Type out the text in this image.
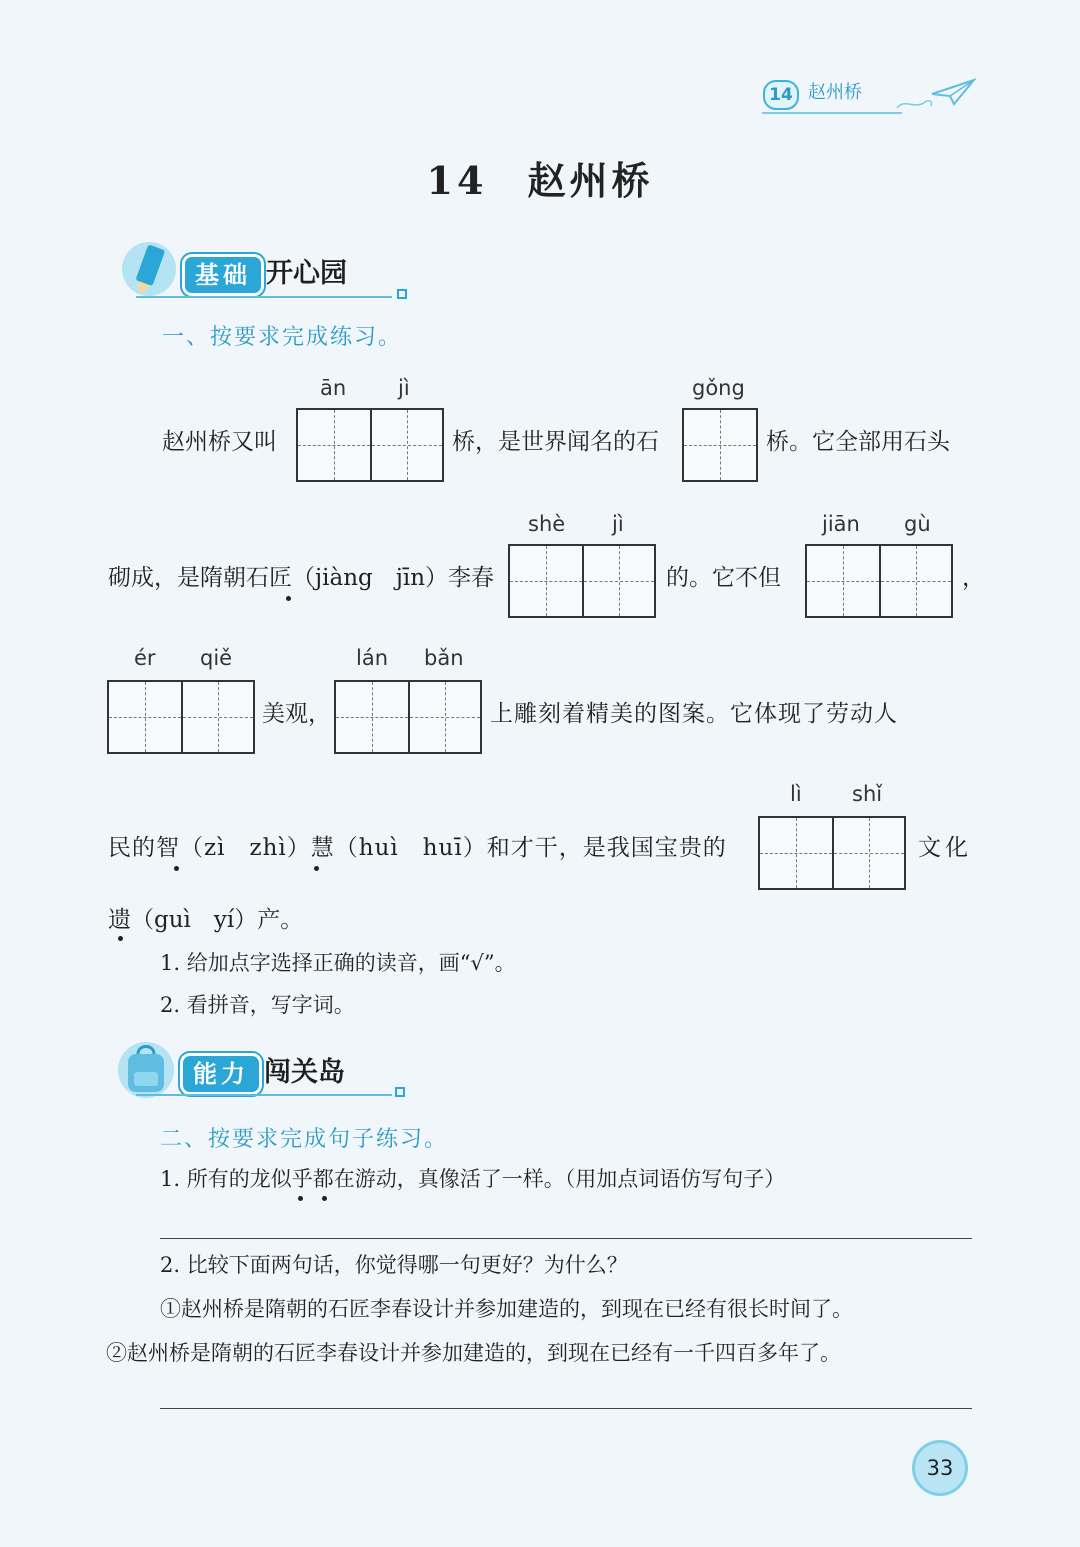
14 赵州桥
14 赵州桥
基础 开心园
一、按要求完成练习。
ān jì	gǒng
赵州桥又叫	桥，是世界闻名的石	桥。它全部用石头
shè jì	jiān gù
砌成，是隋朝石匠（jiàng　jīn）李春	的。它不但	，
ér qiě	lán bǎn
美观，	上雕刻着精美的图案。它体现了劳动人
lì shǐ
民的智（zì　zhì）慧（huì　huī）和才干，是我国宝贵的	文化
遗（guì　yí）产。
1. 给加点字选择正确的读音，画“√”。
2. 看拼音，写字词。
能力 闯关岛
二、按要求完成句子练习。
1. 所有的龙似乎都在游动，真像活了一样。（用加点词语仿写句子）
2. 比较下面两句话，你觉得哪一句更好？为什么？
①赵州桥是隋朝的石匠李春设计并参加建造的，到现在已经有很长时间了。
②赵州桥是隋朝的石匠李春设计并参加建造的，到现在已经有一千四百多年了。
33
